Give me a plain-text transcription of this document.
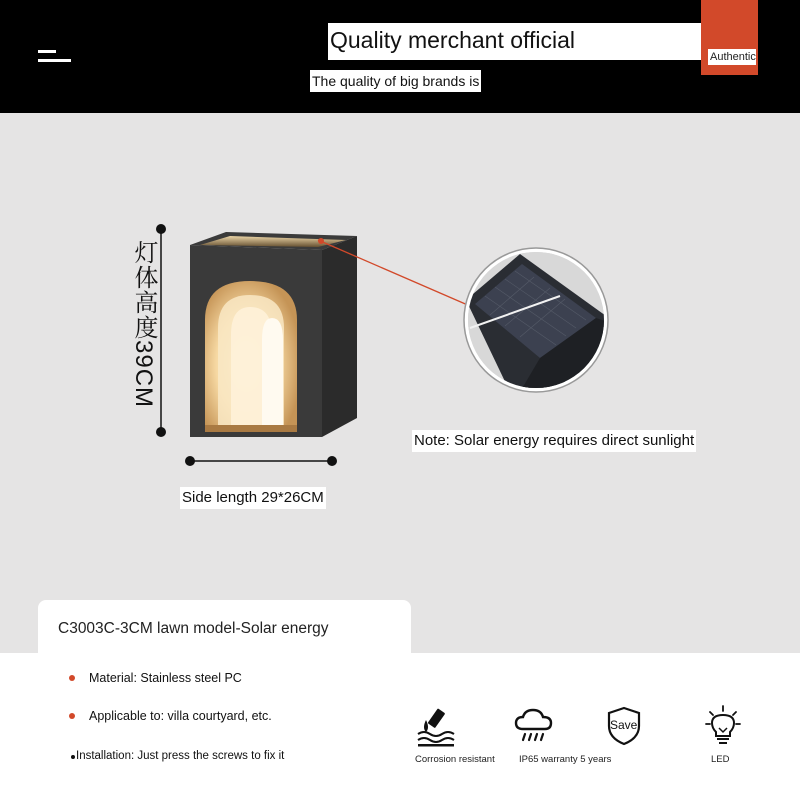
Quality merchant official
Authentic
The quality of big brands is
灯体高度39CM
Side length 29*26CM
Note: Solar energy requires direct sunlight
C3003C-3CM lawn model-Solar energy
Material: Stainless steel PC
Applicable to: villa courtyard, etc.
Installation: Just press the screws to fix it	Corrosion resistant	IP65 warranty 5 years
Save
LED
